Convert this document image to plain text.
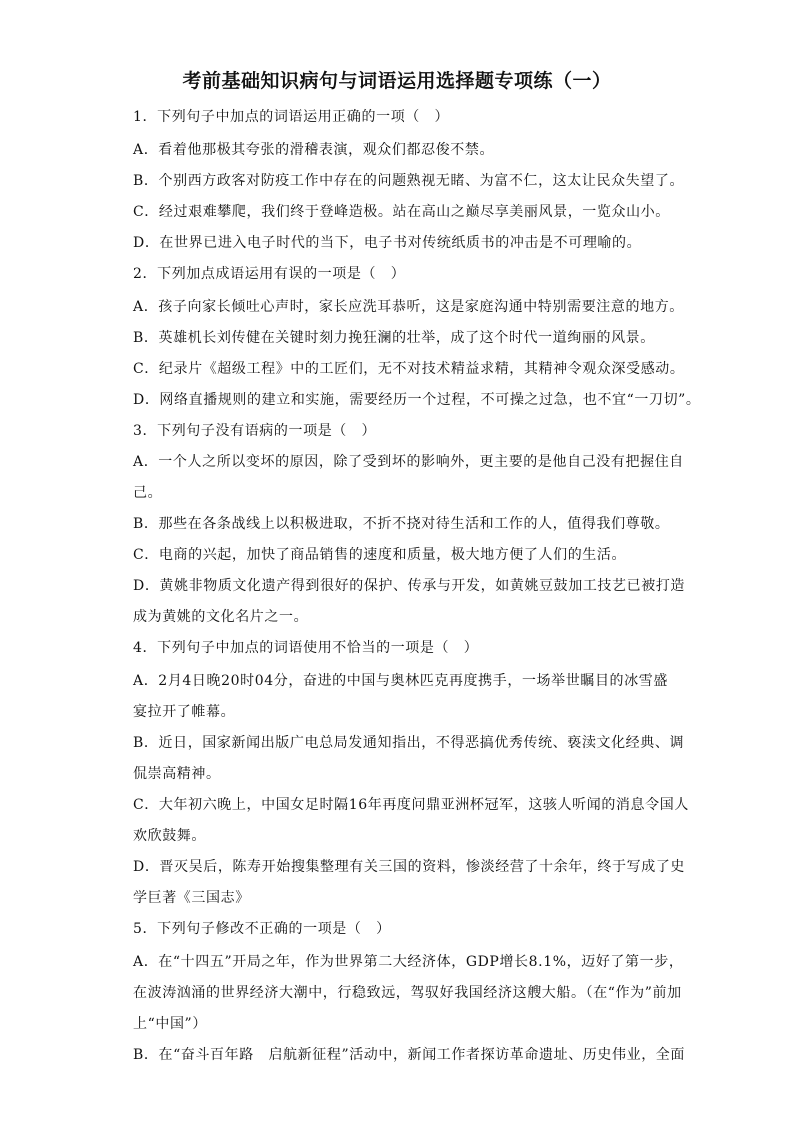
考前基础知识病句与词语运用选择题专项练（一）
1．下列句子中加点的词语运用正确的一项（　）
A．看着他那极其夸张的滑稽表演，观众们都忍俊不禁。
B．个别西方政客对防疫工作中存在的问题熟视无睹、为富不仁，这太让民众失望了。
C．经过艰难攀爬，我们终于登峰造极。站在高山之巅尽享美丽风景，一览众山小。
D．在世界已进入电子时代的当下，电子书对传统纸质书的冲击是不可理喻的。
2．下列加点成语运用有误的一项是（　）
A．孩子向家长倾吐心声时，家长应洗耳恭听，这是家庭沟通中特别需要注意的地方。
B．英雄机长刘传健在关键时刻力挽狂澜的壮举，成了这个时代一道绚丽的风景。
C．纪录片《超级工程》中的工匠们，无不对技术精益求精，其精神令观众深受感动。
D．网络直播规则的建立和实施，需要经历一个过程，不可操之过急，也不宜“一刀切”。
3．下列句子没有语病的一项是（　）
A．一个人之所以变坏的原因，除了受到坏的影响外，更主要的是他自己没有把握住自
己。
B．那些在各条战线上以积极进取，不折不挠对待生活和工作的人，值得我们尊敬。
C．电商的兴起，加快了商品销售的速度和质量，极大地方便了人们的生活。
D．黄姚非物质文化遗产得到很好的保护、传承与开发，如黄姚豆鼓加工技艺已被打造
成为黄姚的文化名片之一。
4．下列句子中加点的词语使用不恰当的一项是（　）
A．2月4日晚20时04分，奋进的中国与奥林匹克再度携手，一场举世瞩目的冰雪盛
宴拉开了帷幕。
B．近日，国家新闻出版广电总局发通知指出，不得恶搞优秀传统、亵渎文化经典、调
侃崇高精神。
C．大年初六晚上，中国女足时隔16年再度问鼎亚洲杯冠军，这骇人听闻的消息令国人
欢欣鼓舞。
D．晋灭吴后，陈寿开始搜集整理有关三国的资料，惨淡经营了十余年，终于写成了史
学巨著《三国志》
5．下列句子修改不正确的一项是（　）
A．在“十四五”开局之年，作为世界第二大经济体，GDP增长8.1%，迈好了第一步，
在波涛汹涌的世界经济大潮中，行稳致远，驾驭好我国经济这艘大船。（在“作为”前加
上“中国”）
B．在“奋斗百年路　启航新征程”活动中，新闻工作者探访革命遗址、历史伟业，全面
